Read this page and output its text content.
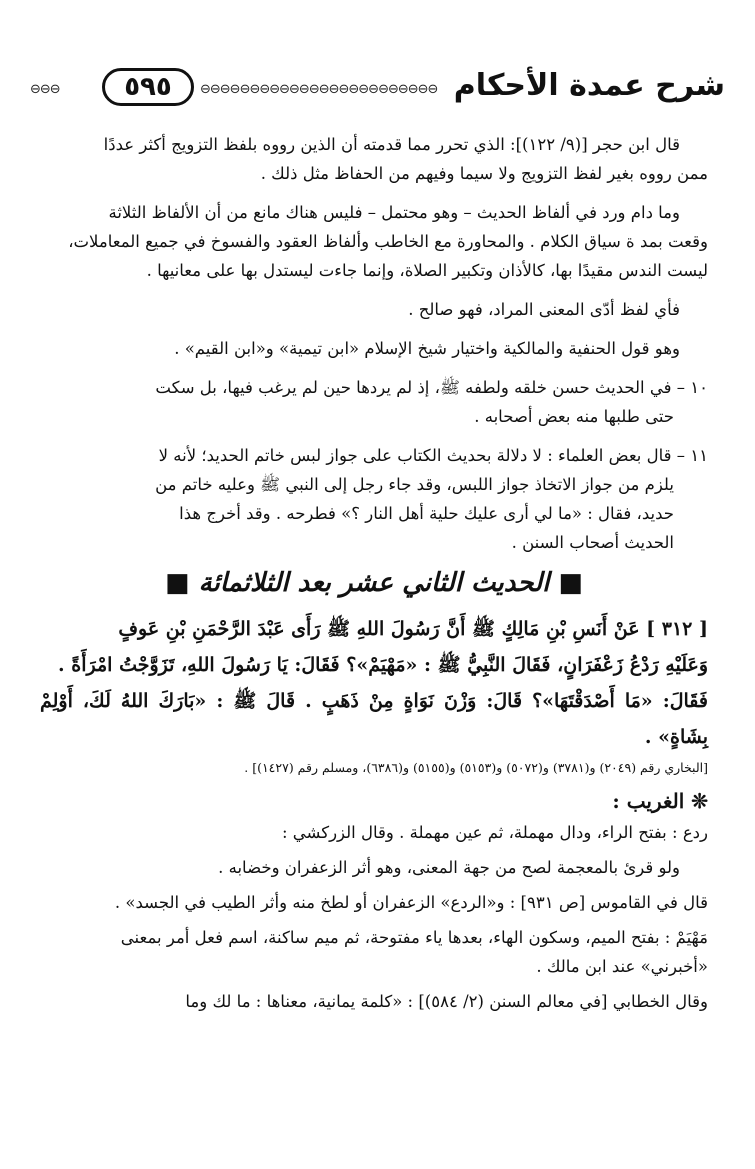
⊖⊖⊖	٥٩٥	⊖⊖⊖⊖⊖⊖⊖⊖⊖⊖⊖⊖⊖⊖⊖⊖⊖⊖⊖⊖⊖⊖⊖⊖ شرح عمدة الأحكام

قال ابن حجر [(٩/ ١٢٢)]: الذي تحرر مما قدمته أن الذين رووه بلفظ التزويج أكثر عددًا

ممن رووه بغير لفظ التزويج ولا سيما وفيهم من الحفاظ مثل ذلك .

وما دام ورد في ألفاظ الحديث – وهو محتمل – فليس هناك مانع من أن الألفاظ الثلاثة

وقعت بمد ة سياق الكلام . والمحاورة مع الخاطب وألفاظ العقود والفسوخ في جميع المعاملات،

ليست الندس مقيدًا بها، كالأذان وتكبير الصلاة، وإنما جاءت ليستدل بها على معانيها .

فأي لفظ أدّى المعنى المراد، فهو صالح .

وهو قول الحنفية والمالكية واختيار شيخ الإسلام «ابن تيمية» و«ابن القيم» .

١٠ – في الحديث حسن خلقه ولطفه ﷺ، إذ لم يردها حين لم يرغب فيها، بل سكت

حتى طلبها منه بعض أصحابه .

١١ – قال بعض العلماء : لا دلالة بحديث الكتاب على جواز لبس خاتم الحديد؛ لأنه لا

يلزم من جواز الاتخاذ جواز اللبس، وقد جاء رجل إلى النبي ﷺ وعليه خاتم من

حديد، فقال : «ما لي أرى عليك حلية أهل النار ؟» فطرحه . وقد أخرج هذا

الحديث أصحاب السنن .

■ الحديث الثاني عشر بعد الثلاثمائة ■

[ ٣١٢ ] عَنْ أَنَسِ بْنِ مَالِكٍ ﷺ أَنَّ رَسُولَ اللهِ ﷺ رَأَى عَبْدَ الرَّحْمَنِ بْنِ عَوفٍ

وَعَلَيْهِ رَدْعُ زَعْفَرَانٍ، فَقَالَ النَّبِيُّ ﷺ : «مَهْيَمْ»؟ فَقَالَ: يَا رَسُولَ اللهِ، تَزَوَّجْتُ امْرَأَةً .

فَقَالَ: «مَا أَصْدَقْتَهَا»؟ قَالَ: وَزْنَ نَوَاةٍ مِنْ ذَهَبٍ . قَالَ ﷺ : «بَارَكَ اللهُ لَكَ، أَوْلِمْ بِشَاةٍ» .

[البخاري رقم (٢٠٤٩) و(٣٧٨١) و(٥٠٧٢) و(٥١٥٣) و(٥١٥٥) و(٦٣٨٦)، ومسلم رقم (١٤٢٧)] .

❊ الغريب :

ردع : بفتح الراء، ودال مهملة، ثم عين مهملة . وقال الزركشي :

ولو قرئ بالمعجمة لصح من جهة المعنى، وهو أثر الزعفران وخضابه .

قال في القاموس [ص ٩٣١] : و«الردع» الزعفران أو لطخ منه وأثر الطيب في الجسد» .

مَهْيَمْ : بفتح الميم، وسكون الهاء، بعدها ياء مفتوحة، ثم ميم ساكنة، اسم فعل أمر بمعنى

«أخبرني» عند ابن مالك .

وقال الخطابي [في معالم السنن (٢/ ٥٨٤)] : «كلمة يمانية، معناها : ما لك وما
